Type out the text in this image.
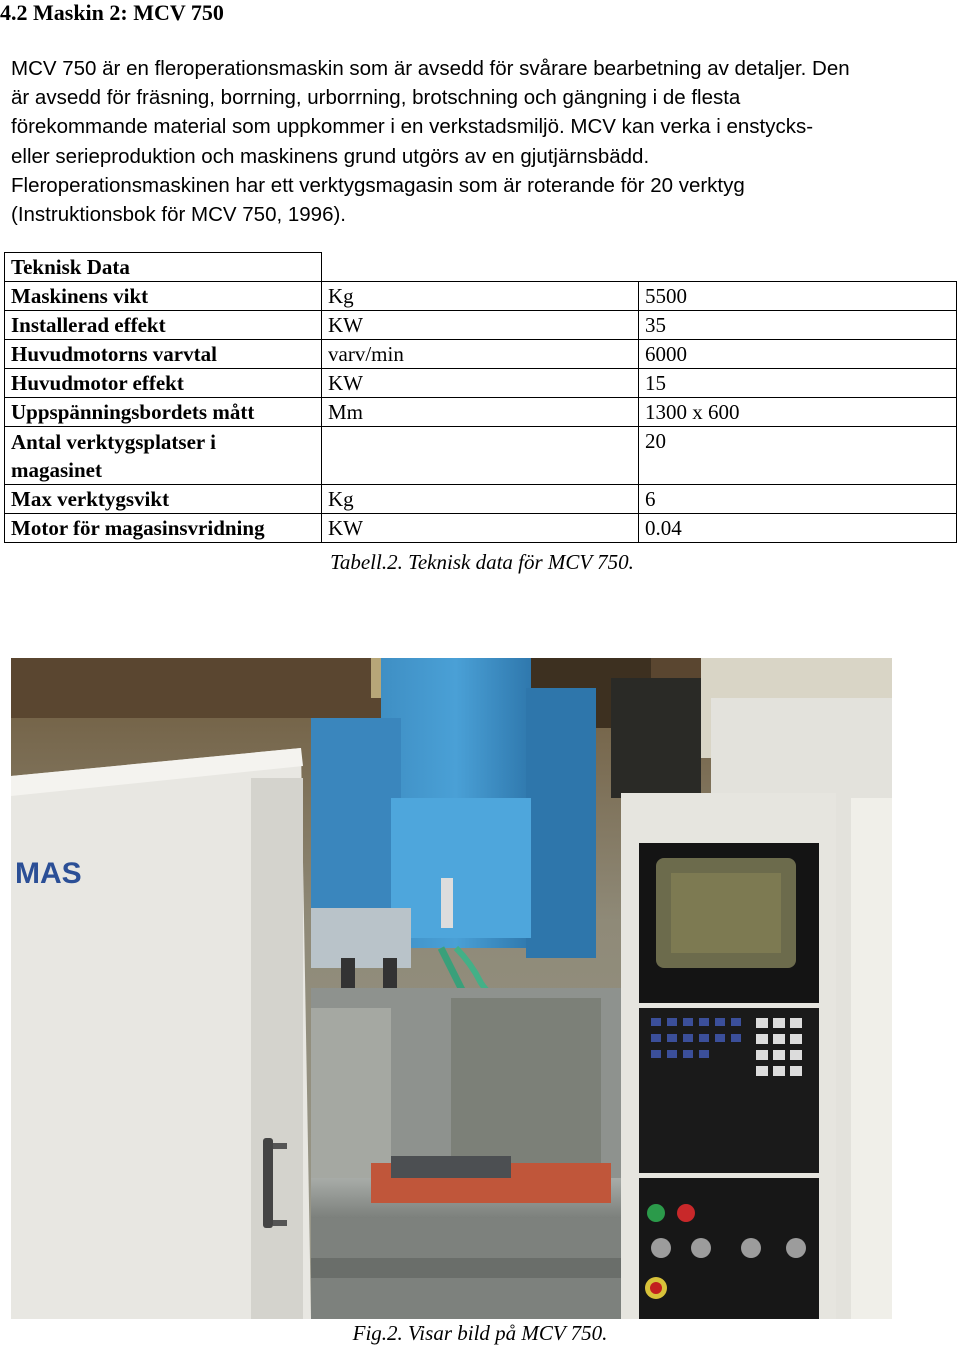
4.2 Maskin 2: MCV 750

MCV 750 är en fleroperationsmaskin som är avsedd för svårare bearbetning av detaljer. Den
är avsedd för fräsning, borrning, urborrning, brotschning och gängning i de flesta
förekommande material som uppkommer i en verkstadsmiljö. MCV kan verka i enstycks-
eller serieproduktion och maskinens grund utgörs av en gjutjärnsbädd.
Fleroperationsmaskinen har ett verktygsmagasin som är roterande för 20 verktyg
(Instruktionsbok för MCV 750, 1996).

Teknisk Data		
Maskinens vikt	Kg	5500
Installerad effekt	KW	35
Huvudmotorns varvtal	varv/min	6000
Huvudmotor effekt	KW	15
Uppspänningsbordets mått	Mm	1300 x 600

Antal verktygsplatser i
magasinet		20
Max verktygsvikt	Kg	6
Motor för magasinsvridning	KW	0.04

Tabell.2. Teknisk data för MCV 750.

MAS

Fig.2. Visar bild på MCV 750.
